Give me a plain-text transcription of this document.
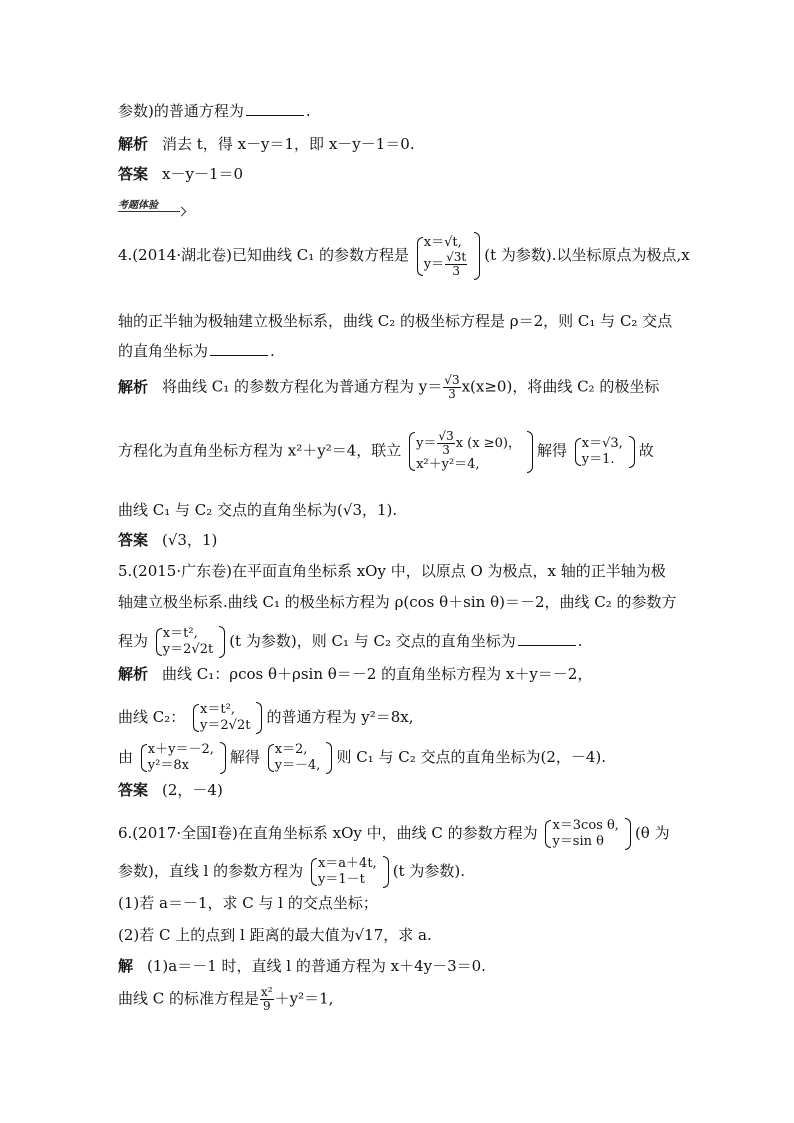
参数)的普通方程为	.
解析 消去 t，得 x－y＝1，即 x－y－1＝0.
答案 x－y－1＝0
考题体验
4.(2014·湖北卷)已知曲线 C₁ 的参数方程是
x＝√t,
$y= \frac{√3t}{3} (t$ 为参数).以坐标原点为极点,x
轴的正半轴为极轴建立极坐标系，曲线 C₂ 的极坐标方程是 ρ＝2，则 C₁ 与 C₂ 交点
的直角坐标为	.
解析 将曲线 C₁ 的参数方程化为普通方程为 $y= \frac{√3}{3} x(x\ge 0)$，将曲线 C₂ 的极坐标
方程化为直角坐标方程为 x²＋y²＝4，联立 $y= \frac{√3}{3}$ x (x ≥0)，
x²＋y²＝4,
解得 x＝√3,
y＝1.	故
曲线 C₁ 与 C₂ 交点的直角坐标为(√3，1).
答案 (√3，1)
5.(2015·广东卷)在平面直角坐标系 xOy 中，以原点 O 为极点，x 轴的正半轴为极
轴建立极坐标系.曲线 C₁ 的极坐标方程为 ρ(cos θ＋sin θ)＝－2，曲线 C₂ 的参数方
程为 x＝t²,
y＝2√2t (t 为参数)，则 C₁ 与 C₂ 交点的直角坐标为	.
解析 曲线 C₁：ρcos θ＋ρsin θ＝－2 的直角坐标方程为 x＋y＝－2，
曲线 C₂： x＝t²,
y＝2√2t 的普通方程为 y²＝8x,
由 x＋y＝－2,
y²＝8x	解得 x＝2,
y＝－4, 则 C₁ 与 C₂ 交点的直角坐标为(2，－4).
答案 (2，－4)
6.(2017·全国Ⅰ卷)在直角坐标系 xOy 中，曲线 C 的参数方程为 x＝3cos θ,
y＝sin θ	(θ 为
参数)，直线 l 的参数方程为 x＝a＋4t,
y＝1－t	(t 为参数).
(1)若 a＝－1，求 C 与 l 的交点坐标；
(2)若 C 上的点到 l 距离的最大值为√17，求 a.
解 (1)a＝－1 时，直线 l 的普通方程为 x＋4y－3＝0.
曲线 C 的标准方程是 $\frac{\text{x²}}{9} +y^2=1$,
